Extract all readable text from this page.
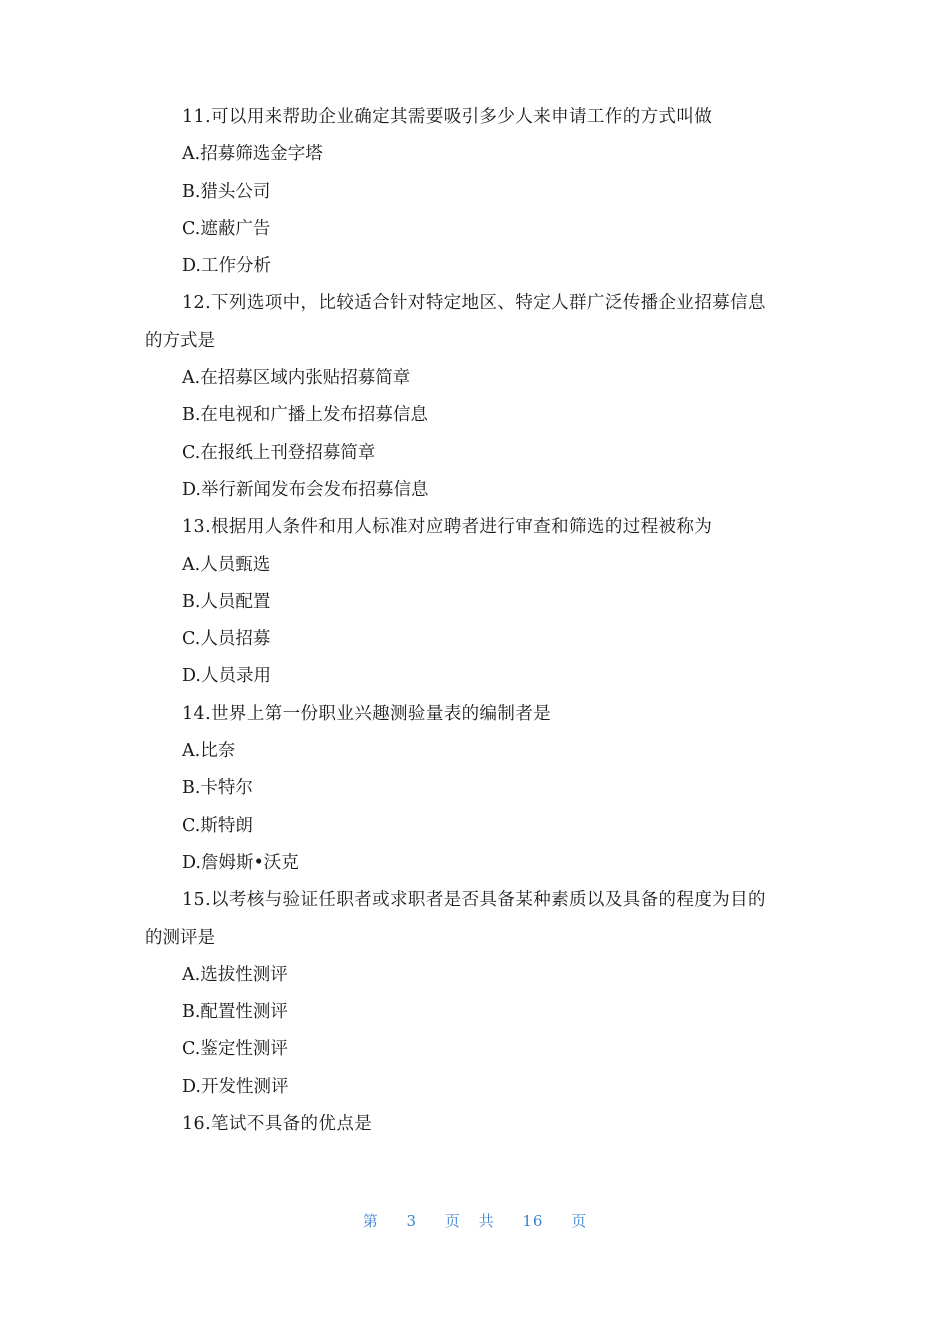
11.可以用来帮助企业确定其需要吸引多少人来申请工作的方式叫做
A.招募筛选金字塔
B.猎头公司
C.遮蔽广告
D.工作分析
12.下列选项中，比较适合针对特定地区、特定人群广泛传播企业招募信息
的方式是
A.在招募区域内张贴招募简章
B.在电视和广播上发布招募信息
C.在报纸上刊登招募简章
D.举行新闻发布会发布招募信息
13.根据用人条件和用人标准对应聘者进行审查和筛选的过程被称为
A.人员甄选
B.人员配置
C.人员招募
D.人员录用
14.世界上第一份职业兴趣测验量表的编制者是
A.比奈
B.卡特尔
C.斯特朗
D.詹姆斯•沃克
15.以考核与验证任职者或求职者是否具备某种素质以及具备的程度为目的
的测评是
A.选拔性测评
B.配置性测评
C.鉴定性测评
D.开发性测评
16.笔试不具备的优点是
第 3 页 共 16 页
